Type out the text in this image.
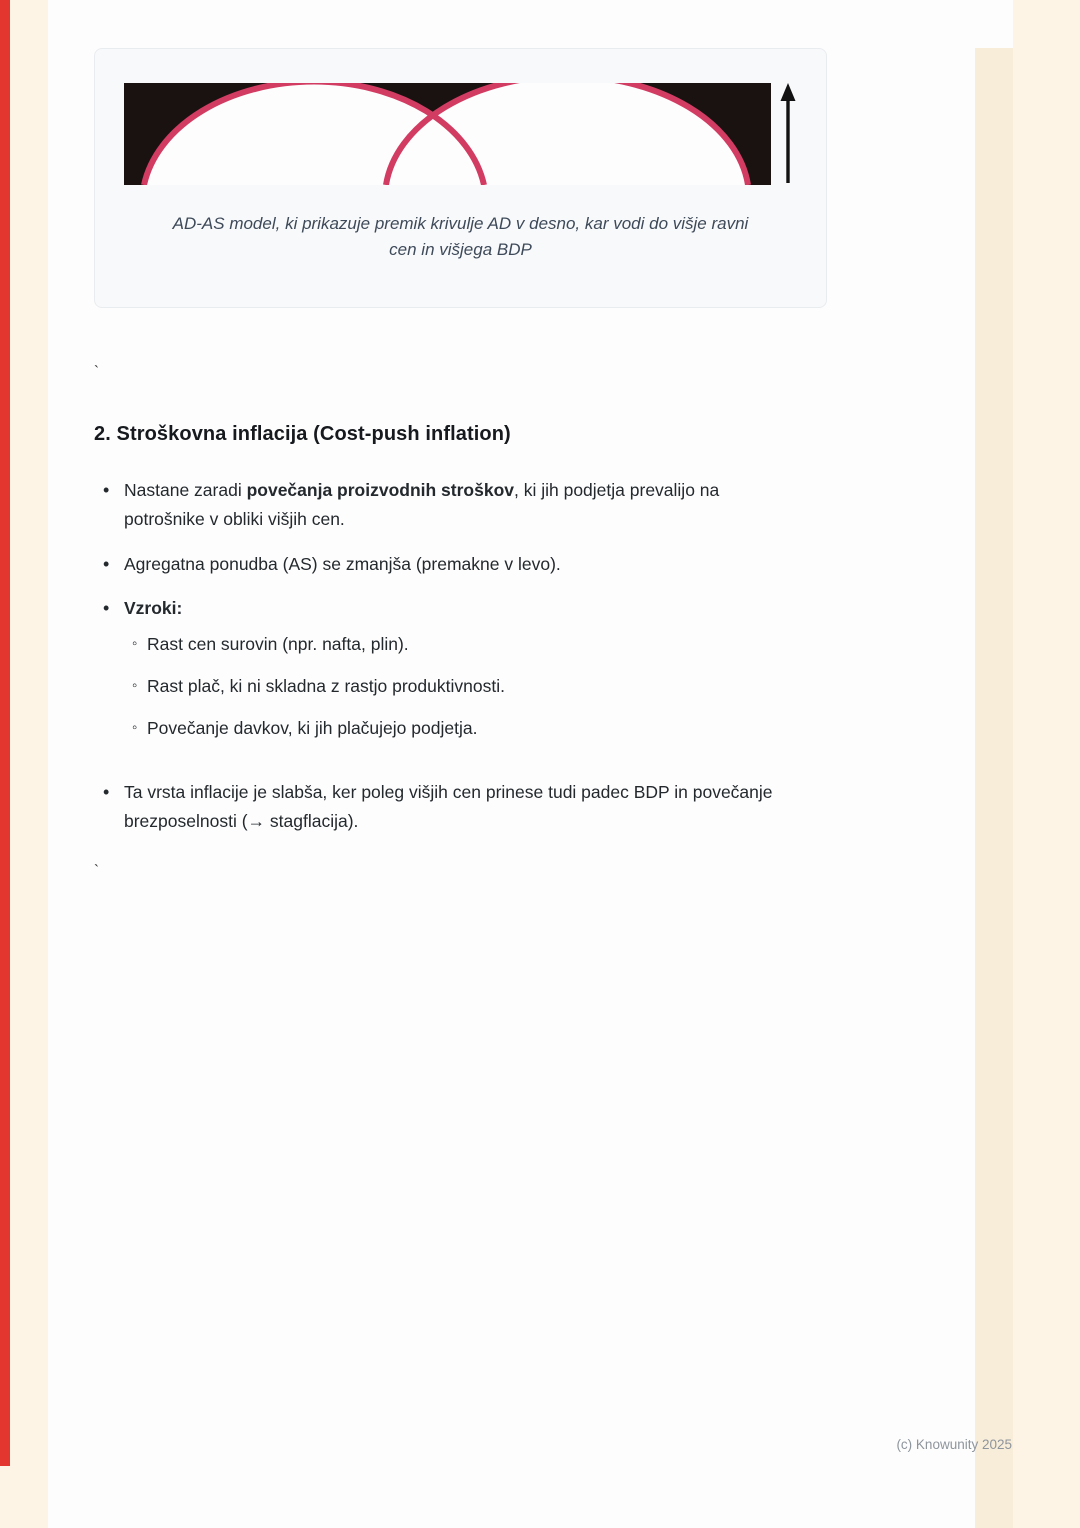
AD-AS model, ki prikazuje premik krivulje AD v desno, kar vodi do višje ravni
cen in višjega BDP
`
2. Stroškovna inflacija (Cost-push inflation)
• Nastane zaradi povečanja proizvodnih stroškov, ki jih podjetja prevalijo na potrošnike v obliki višjih cen.
• Agregatna ponudba (AS) se zmanjša (premakne v levo).
• Vzroki:
◦ Rast cen surovin (npr. nafta, plin).
◦ Rast plač, ki ni skladna z rastjo produktivnosti.
◦ Povečanje davkov, ki jih plačujejo podjetja.
• Ta vrsta inflacije je slabša, ker poleg višjih cen prinese tudi padec BDP in povečanje brezposelnosti (→ stagflacija).
`
(c) Knowunity 2025
